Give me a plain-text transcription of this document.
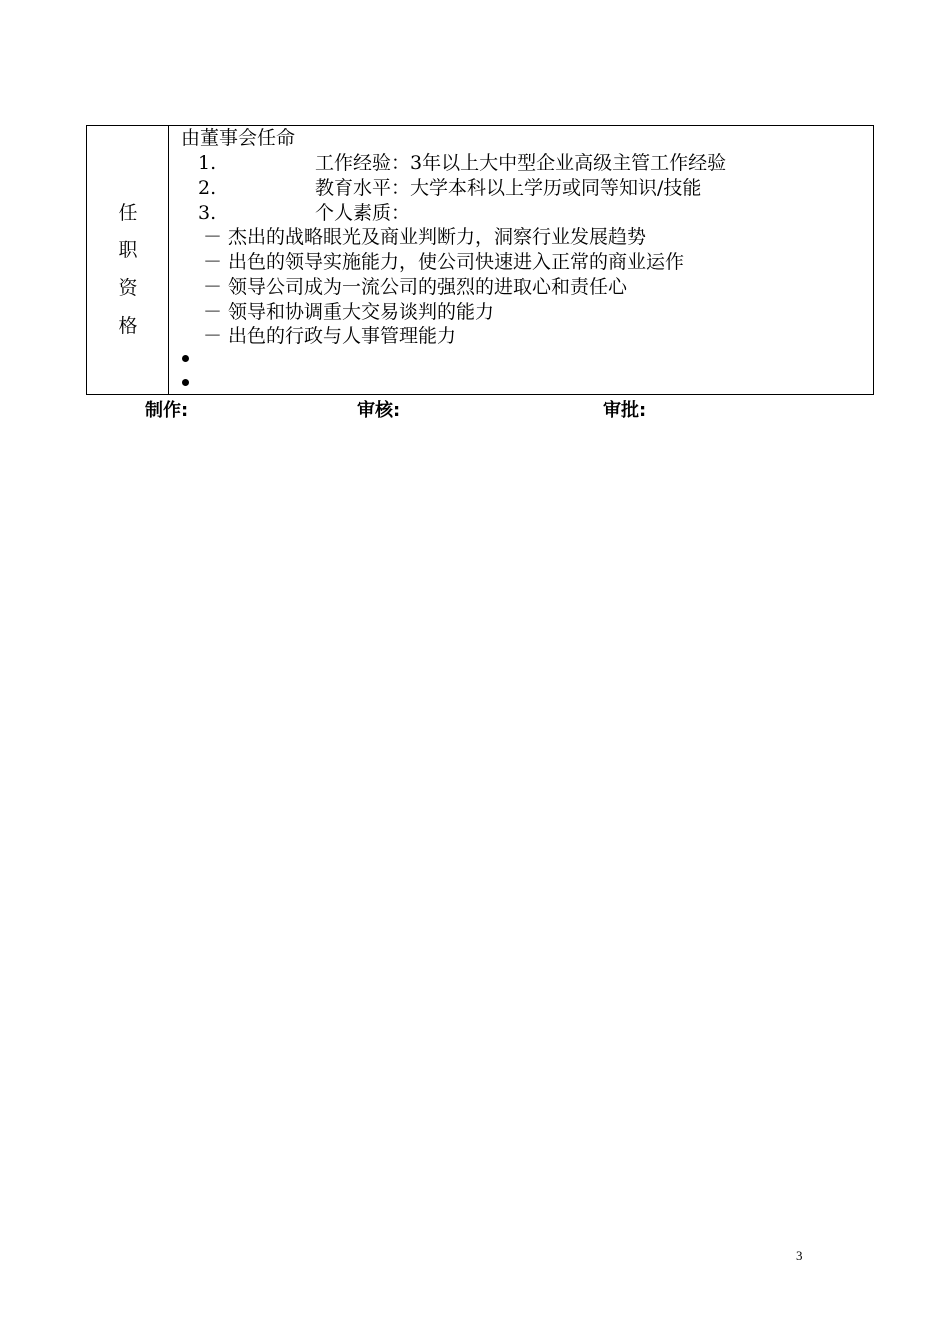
任
职
资
格
由董事会任命
1.	工作经验：3年以上大中型企业高级主管工作经验
2.	教育水平：大学本科以上学历或同等知识/技能
3.	个人素质：
－ 杰出的战略眼光及商业判断力，洞察行业发展趋势
－ 出色的领导实施能力，使公司快速进入正常的商业运作
－ 领导公司成为一流公司的强烈的进取心和责任心
－ 领导和协调重大交易谈判的能力
－ 出色的行政与人事管理能力
制作:	审核:	审批:
3
